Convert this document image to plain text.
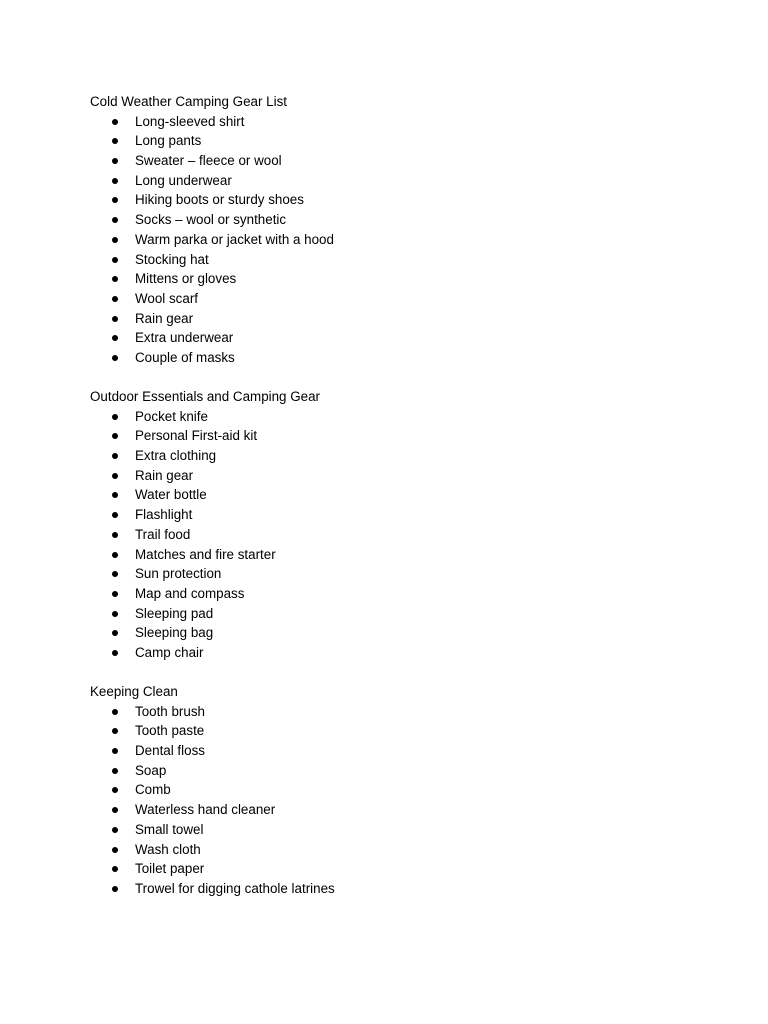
Cold Weather Camping Gear List
Long-sleeved shirt
Long pants
Sweater – fleece or wool
Long underwear
Hiking boots or sturdy shoes
Socks – wool or synthetic
Warm parka or jacket with a hood
Stocking hat
Mittens or gloves
Wool scarf
Rain gear
Extra underwear
Couple of masks
Outdoor Essentials and Camping Gear
Pocket knife
Personal First-aid kit
Extra clothing
Rain gear
Water bottle
Flashlight
Trail food
Matches and fire starter
Sun protection
Map and compass
Sleeping pad
Sleeping bag
Camp chair
Keeping Clean
Tooth brush
Tooth paste
Dental floss
Soap
Comb
Waterless hand cleaner
Small towel
Wash cloth
Toilet paper
Trowel for digging cathole latrines
